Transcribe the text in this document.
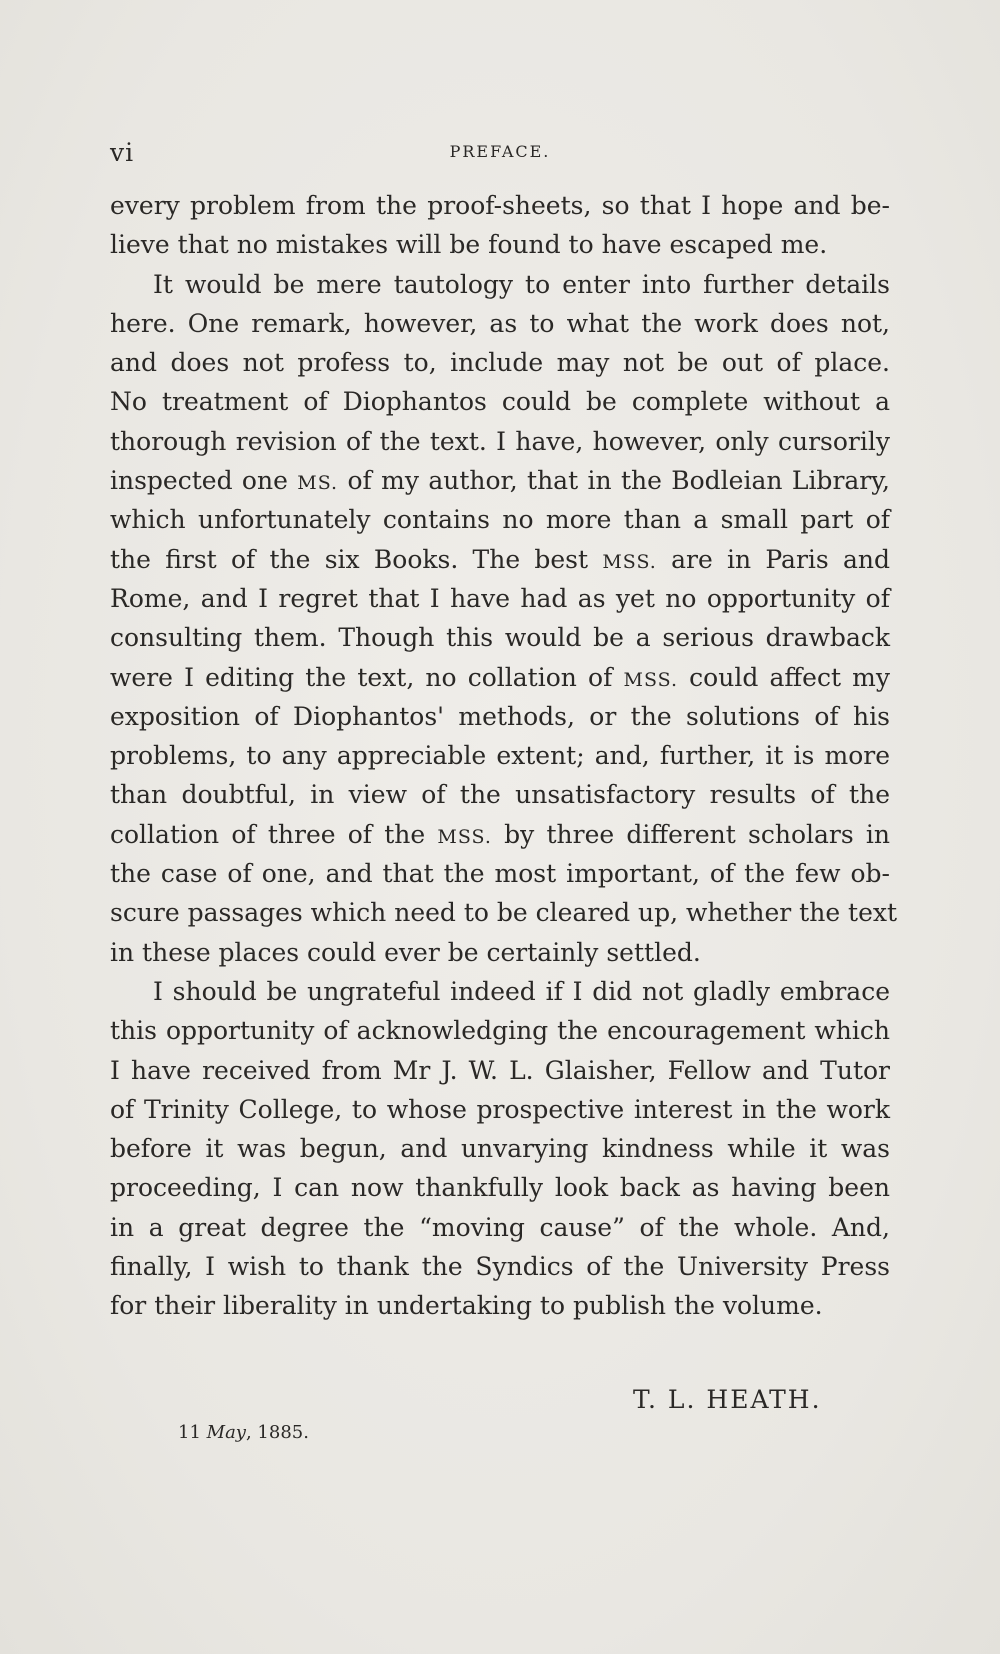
vi	PREFACE.
every problem from the proof-sheets, so that I hope and be-
lieve that no mistakes will be found to have escaped me.
It would be mere tautology to enter into further details
here. One remark, however, as to what the work does not,
and does not profess to, include may not be out of place.
No treatment of Diophantos could be complete without a
thorough revision of the text. I have, however, only cursorily
inspected one MS. of my author, that in the Bodleian Library,
which unfortunately contains no more than a small part of
the first of the six Books. The best MSS. are in Paris and
Rome, and I regret that I have had as yet no opportunity of
consulting them. Though this would be a serious drawback
were I editing the text, no collation of MSS. could affect my
exposition of Diophantos' methods, or the solutions of his
problems, to any appreciable extent; and, further, it is more
than doubtful, in view of the unsatisfactory results of the
collation of three of the MSS. by three different scholars in
the case of one, and that the most important, of the few ob-
scure passages which need to be cleared up, whether the text
in these places could ever be certainly settled.
I should be ungrateful indeed if I did not gladly embrace
this opportunity of acknowledging the encouragement which
I have received from Mr J. W. L. Glaisher, Fellow and Tutor
of Trinity College, to whose prospective interest in the work
before it was begun, and unvarying kindness while it was
proceeding, I can now thankfully look back as having been
in a great degree the “moving cause” of the whole. And,
finally, I wish to thank the Syndics of the University Press
for their liberality in undertaking to publish the volume.
T. L. HEATH.
11 May, 1885.
